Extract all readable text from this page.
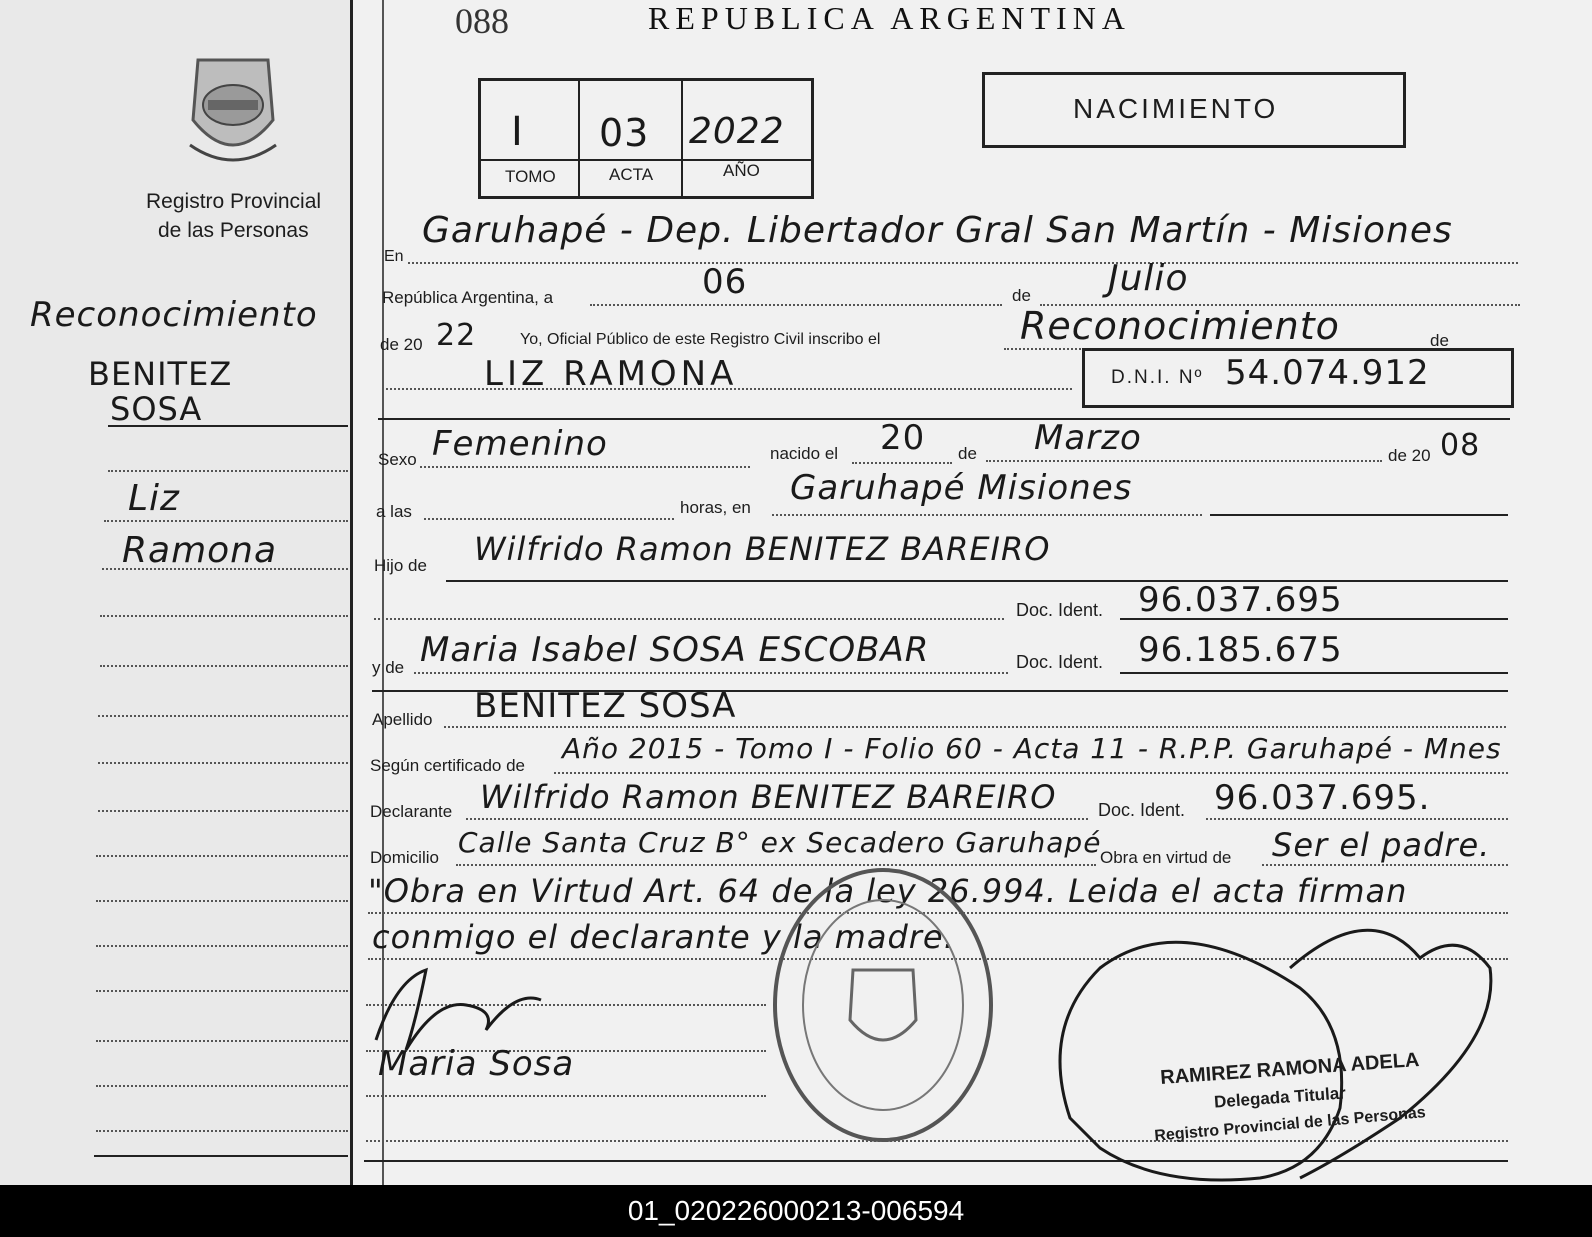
Registro Provincial
de las Personas
Reconocimiento
BENITEZ
SOSA
Liz
Ramona
088	REPUBLICA ARGENTINA
I 03 2022
TOMO	ACTA	AÑO
NACIMIENTO
En
Garuhapé - Dep. Libertador Gral San Martín - Misiones
República Argentina, a	06	de Julio
de 20 22	Yo, Oficial Público de este Registro Civil inscribo el	Reconocimiento	de
LIZ RAMONA	D.N.I. Nº 54.074.912
Sexo Femenino	nacido el 20 de Marzo	de 20 08
a las	horas, en Garuhapé Misiones
Hijo de Wilfrido Ramon BENITEZ BAREIRO
Doc. Ident. 96.037.695
y de Maria Isabel SOSA ESCOBAR	Doc. Ident. 96.185.675
Apellido BENITEZ SOSA
Según certificado de
Año 2015 - Tomo I - Folio 60 - Acta 11 - R.P.P. Garuhapé - Mnes
Declarante Wilfrido Ramon BENITEZ BAREIRO Doc. Ident. 96.037.695.
Domicilio Calle Santa Cruz B° ex Secadero Garuhapé
Obra en virtud de Ser el padre.
"Obra en Virtud Art. 64 de la ley 26.994. Leida el acta firman
conmigo el declarante y la madre.
Maria Sosa	RAMIREZ RAMONA ADELA
Delegada Titular
Registro Provincial de las Personas
01_020226000213-006594
